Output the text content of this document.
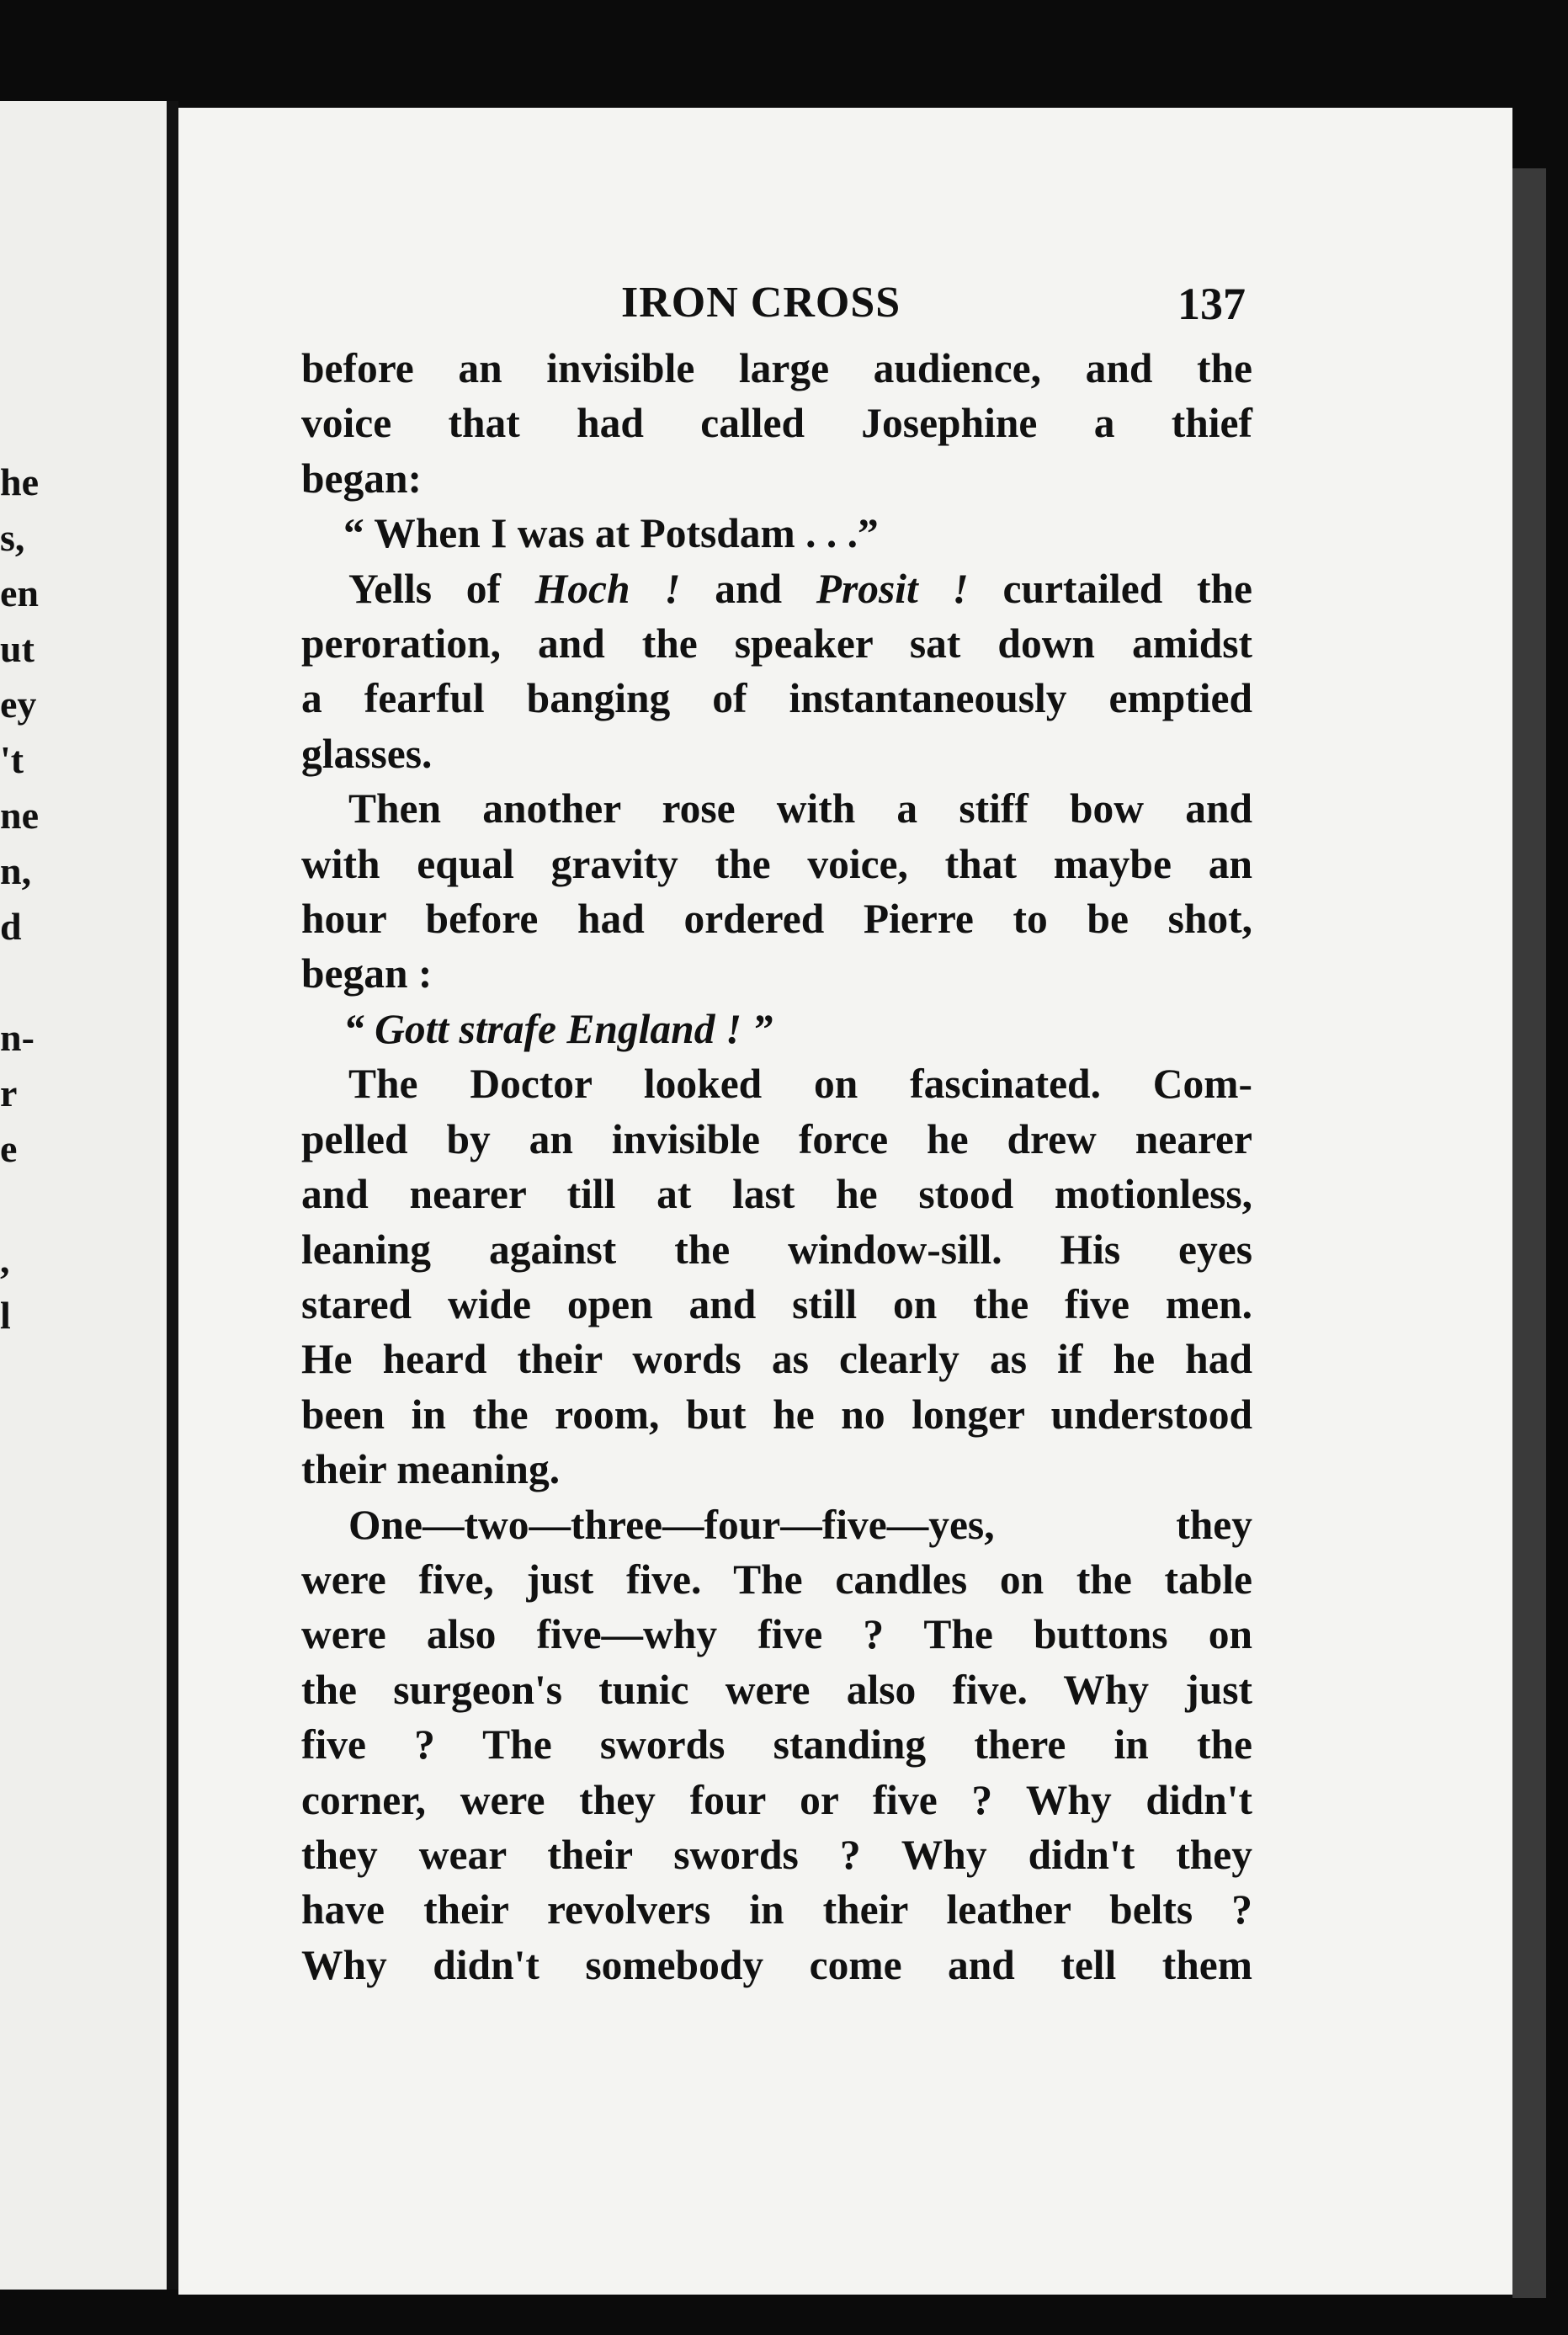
he

s,

en

ut

ey

't

ne

n,

d

n-

r

e

,

l

IRON CROSS	137

before an invisible large audience, and the

voice that had called Josephine a thief

began:

“ When I was at Potsdam . . .”

Yells of Hoch ! and Prosit ! curtailed the

peroration, and the speaker sat down amidst

a fearful banging of instantaneously emptied

glasses.

Then another rose with a stiff bow and

with equal gravity the voice, that maybe an

hour before had ordered Pierre to be shot,

began :

“ Gott strafe England ! ”

The Doctor looked on fascinated. Com-

pelled by an invisible force he drew nearer

and nearer till at last he stood motionless,

leaning against the window-sill. His eyes

stared wide open and still on the five men.

He heard their words as clearly as if he had

been in the room, but he no longer understood

their meaning.

One—two—three—four—five—yes, they

were five, just five. The candles on the table

were also five—why five ? The buttons on

the surgeon's tunic were also five. Why just

five ? The swords standing there in the

corner, were they four or five ? Why didn't

they wear their swords ? Why didn't they

have their revolvers in their leather belts ?

Why didn't somebody come and tell them
